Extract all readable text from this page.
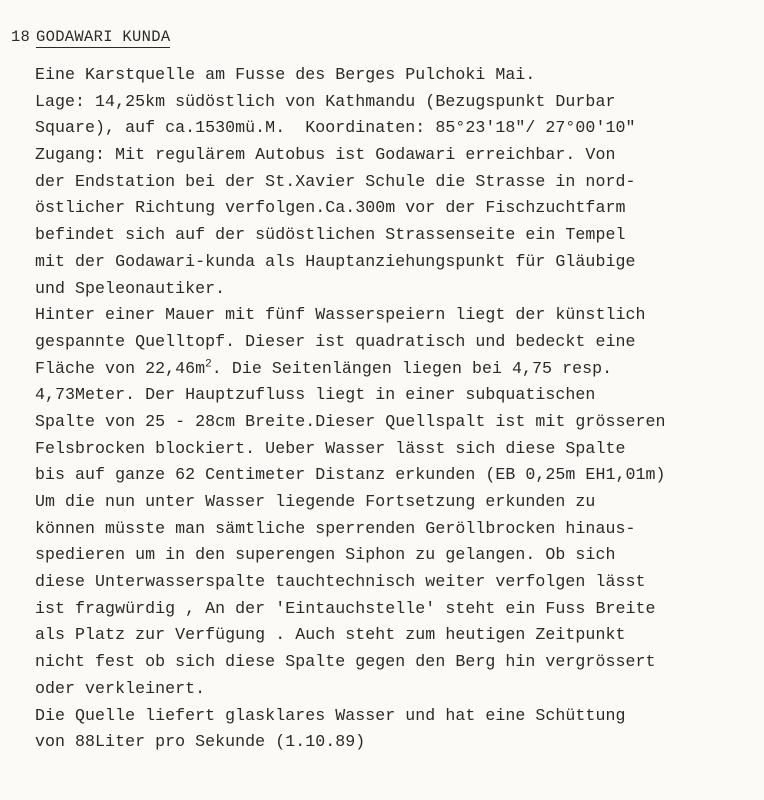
18 GODAWARI KUNDA
Eine Karstquelle am Fusse des Berges Pulchoki Mai.
Lage: 14,25km südöstlich von Kathmandu (Bezugspunkt Durbar
Square), auf ca.1530mü.M.  Koordinaten: 85°23'18"/ 27°00'10"
Zugang: Mit regulärem Autobus ist Godawari erreichbar. Von
der Endstation bei der St.Xavier Schule die Strasse in nord-
östlicher Richtung verfolgen.Ca.300m vor der Fischzuchtfarm
befindet sich auf der südöstlichen Strassenseite ein Tempel
mit der Godawari-kunda als Hauptanziehungspunkt für Gläubige
und Speleonautiker.
Hinter einer Mauer mit fünf Wasserspeiern liegt der künstlich
gespannte Quelltopf. Dieser ist quadratisch und bedeckt eine
Fläche von $22,46m^2$. Die Seitenlängen liegen bei 4,75 resp.
4,73Meter. Der Hauptzufluss liegt in einer subquatischen
Spalte von 25 - 28cm Breite.Dieser Quellspalt ist mit grösseren
Felsbrocken blockiert. Ueber Wasser lässt sich diese Spalte
bis auf ganze 62 Centimeter Distanz erkunden (EB 0,25m EH1,01m)
Um die nun unter Wasser liegende Fortsetzung erkunden zu
können müsste man sämtliche sperrenden Geröllbrocken hinaus-
spedieren um in den superengen Siphon zu gelangen. Ob sich
diese Unterwasserspalte tauchtechnisch weiter verfolgen lässt
ist fragwürdig , An der 'Eintauchstelle' steht ein Fuss Breite
als Platz zur Verfügung . Auch steht zum heutigen Zeitpunkt
nicht fest ob sich diese Spalte gegen den Berg hin vergrössert
oder verkleinert.
Die Quelle liefert glasklares Wasser und hat eine Schüttung
von 88Liter pro Sekunde (1.10.89)
